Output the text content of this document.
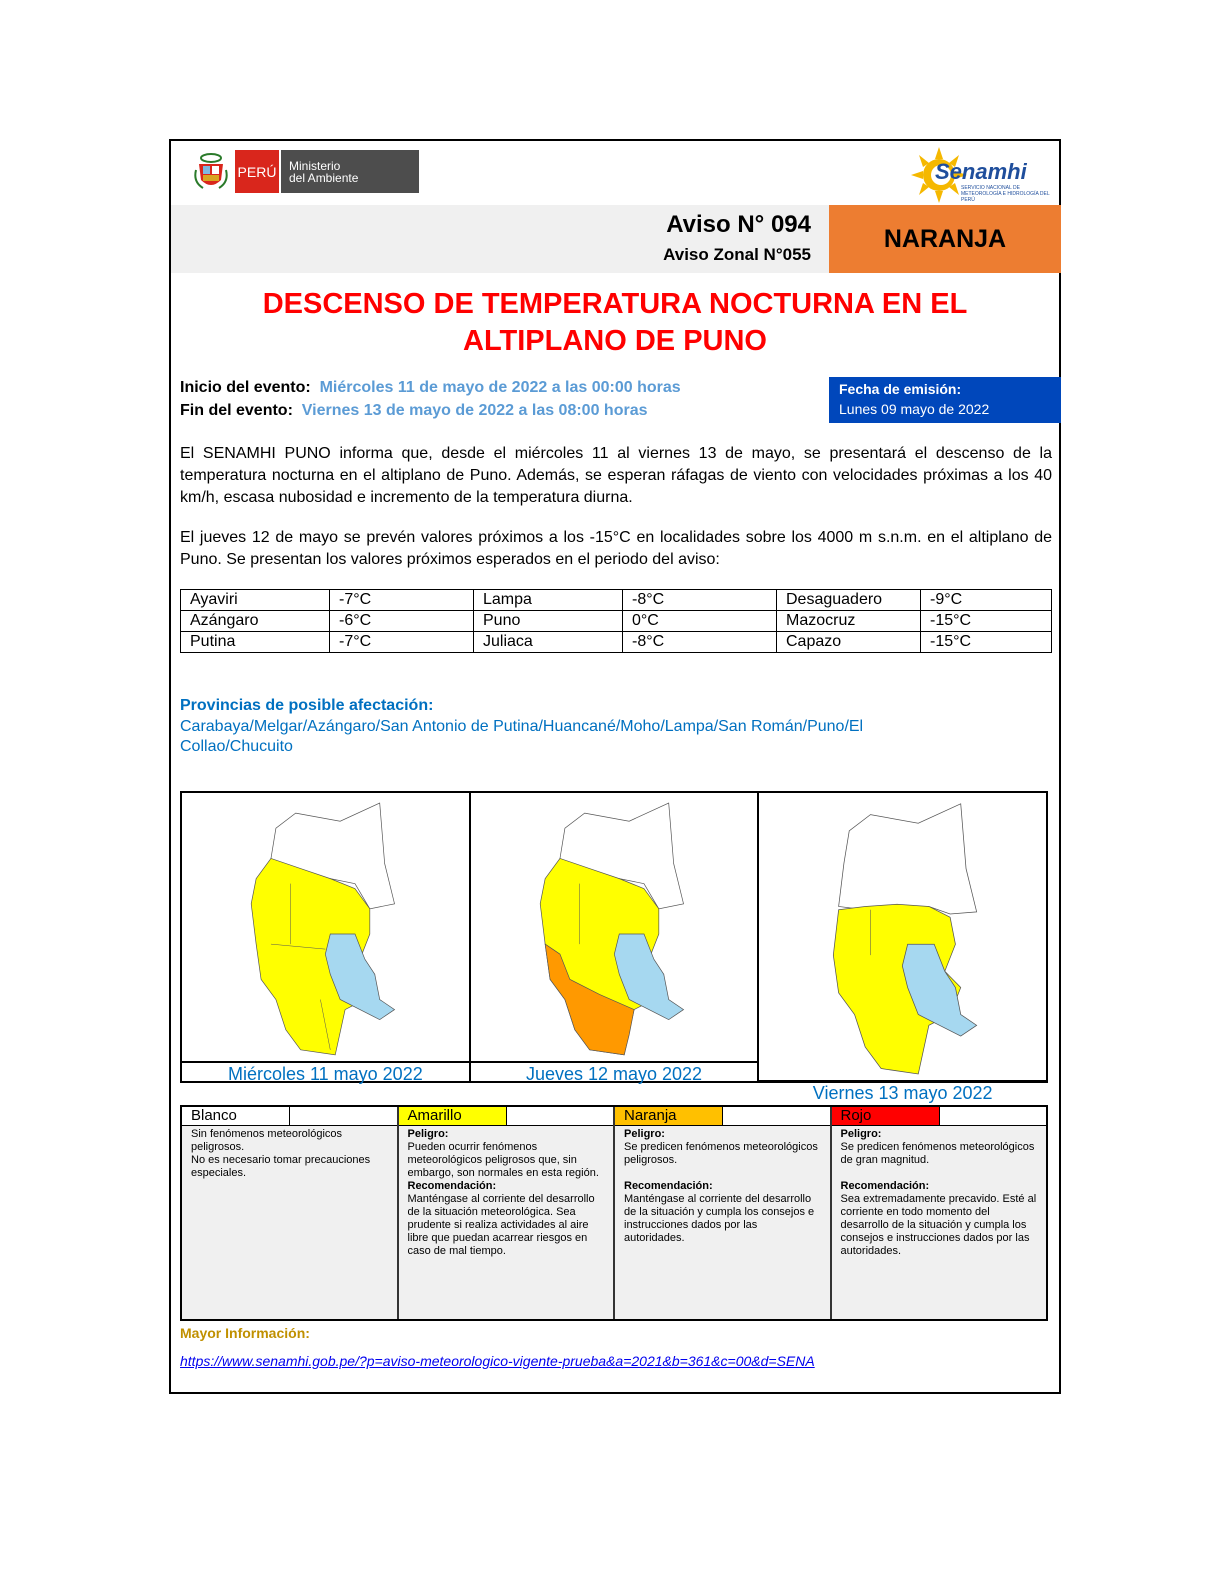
PERÚ Ministerio
del Ambiente	Senamhi
SERVICIO NACIONAL DE METEOROLOGÍA E HIDROLOGÍA DEL PERÚ
Aviso N° 094
Aviso Zonal N°055
NARANJA
DESCENSO DE TEMPERATURA NOCTURNA EN EL
ALTIPLANO DE PUNO
Inicio del evento: Miércoles 11 de mayo de 2022 a las 00:00 horas
Fin del evento: Viernes 13 de mayo de 2022 a las 08:00 horas
Fecha de emisión:
Lunes 09 mayo de 2022
El SENAMHI PUNO informa que, desde el miércoles 11 al viernes 13 de mayo, se presentará el descenso de la temperatura nocturna en el altiplano de Puno. Además, se esperan ráfagas de viento con velocidades próximas a los 40 km/h, escasa nubosidad e incremento de la temperatura diurna.
El jueves 12 de mayo se prevén valores próximos a los -15°C en localidades sobre los 4000 m s.n.m. en el altiplano de Puno. Se presentan los valores próximos esperados en el periodo del aviso:
Ayaviri	-7°C	Lampa	-8°C	Desaguadero	-9°C
Azángaro	-6°C	Puno	0°C	Mazocruz	-15°C
Putina	-7°C	Juliaca	-8°C	Capazo	-15°C
Provincias de posible afectación:
Carabaya/Melgar/Azángaro/San Antonio de Putina/Huancané/Moho/Lampa/San Román/Puno/El Collao/Chucuito
Miércoles 11 mayo 2022	Jueves 12 mayo 2022
Viernes 13 mayo 2022
Blanco
Sin fenómenos meteorológicos peligrosos.
No es necesario tomar precauciones especiales.
Amarillo
Peligro:
Pueden ocurrir fenómenos meteorológicos peligrosos que, sin embargo, son normales en esta región.
Recomendación:
Manténgase al corriente del desarrollo de la situación meteorológica. Sea prudente si realiza actividades al aire libre que puedan acarrear riesgos en caso de mal tiempo.
Naranja
Peligro:
Se predicen fenómenos meteorológicos peligrosos.
Recomendación:
Manténgase al corriente del desarrollo de la situación y cumpla los consejos e instrucciones dados por las autoridades.
Rojo
Peligro:
Se predicen fenómenos meteorológicos de gran magnitud.
Recomendación:
Sea extremadamente precavido. Esté al corriente en todo momento del desarrollo de la situación y cumpla los consejos e instrucciones dados por las autoridades.
Mayor Información:
https://www.senamhi.gob.pe/?p=aviso-meteorologico-vigente-prueba&a=2021&b=361&c=00&d=SENA
